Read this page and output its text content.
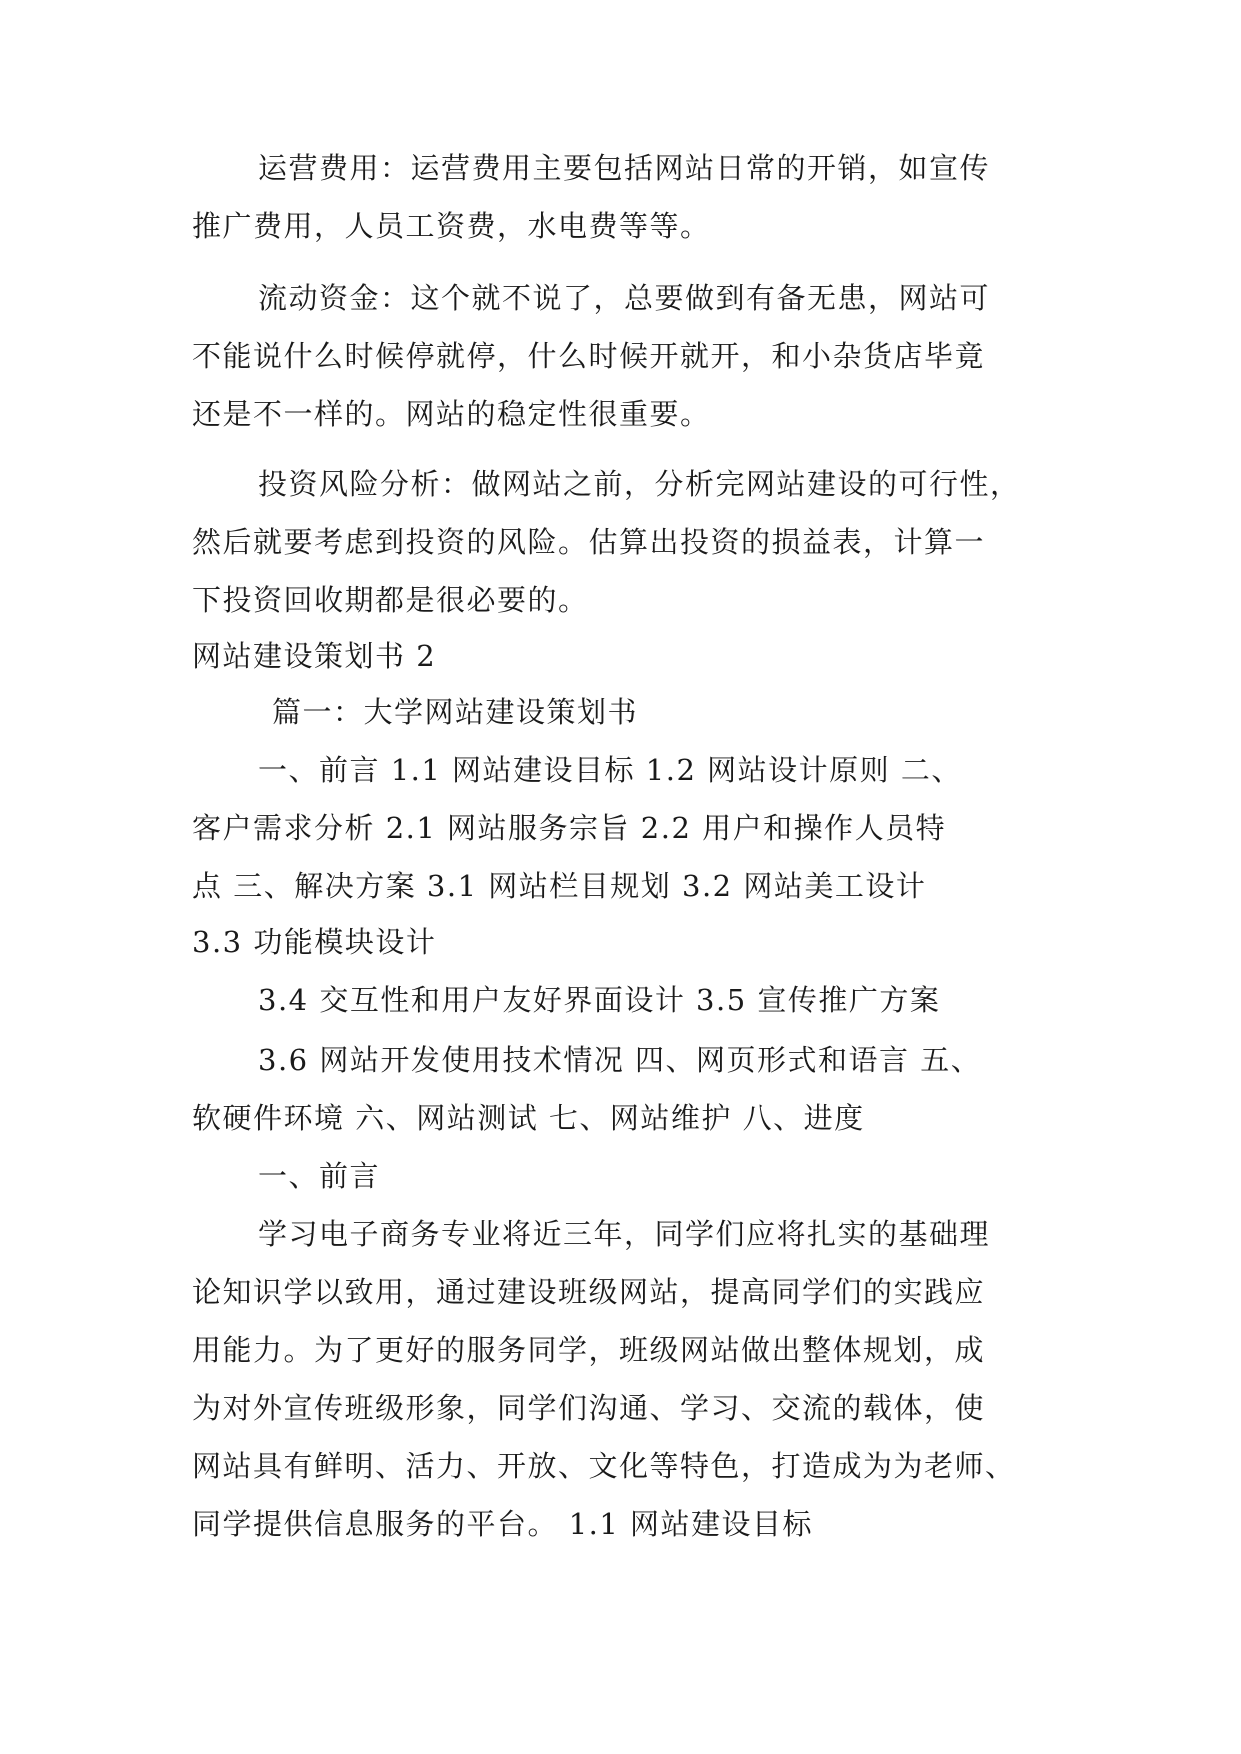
运营费用：运营费用主要包括网站日常的开销，如宣传
推广费用，人员工资费，水电费等等。
流动资金：这个就不说了，总要做到有备无患，网站可
不能说什么时候停就停，什么时候开就开，和小杂货店毕竟
还是不一样的。网站的稳定性很重要。
投资风险分析：做网站之前，分析完网站建设的可行性，
然后就要考虑到投资的风险。估算出投资的损益表，计算一
下投资回收期都是很必要的。
网站建设策划书 2
篇一：大学网站建设策划书
一、前言 1.1 网站建设目标 1.2 网站设计原则 二、
客户需求分析 2.1 网站服务宗旨 2.2 用户和操作人员特
点 三、解决方案 3.1 网站栏目规划 3.2 网站美工设计
3.3 功能模块设计
3.4 交互性和用户友好界面设计 3.5 宣传推广方案
3.6 网站开发使用技术情况 四、网页形式和语言 五、
软硬件环境 六、网站测试 七、网站维护 八、进度
一、前言
学习电子商务专业将近三年，同学们应将扎实的基础理
论知识学以致用，通过建设班级网站，提高同学们的实践应
用能力。为了更好的服务同学，班级网站做出整体规划，成
为对外宣传班级形象，同学们沟通、学习、交流的载体，使
网站具有鲜明、活力、开放、文化等特色，打造成为为老师、
同学提供信息服务的平台。 1.1 网站建设目标
